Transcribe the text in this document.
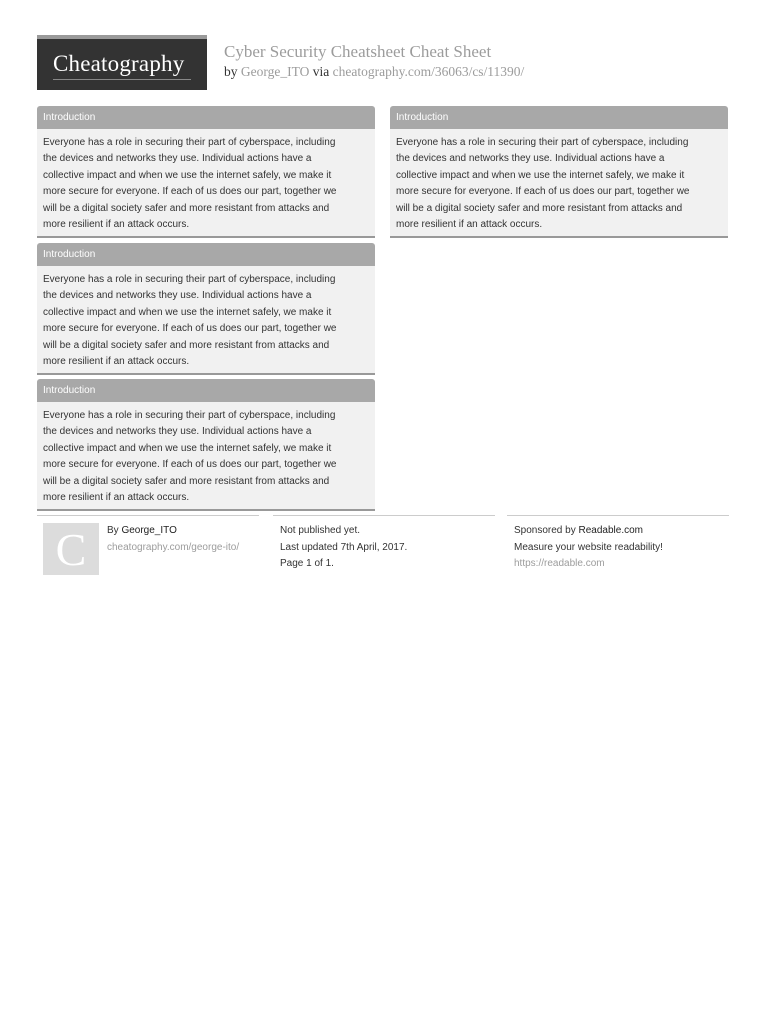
Cheatography Cyber Security Cheatsheet Cheat Sheet
by George_ITO via cheatography.com/36063/cs/11390/
Introduction
Everyone has a role in securing their part of cyberspace, including
the devices and networks they use. Individual actions have a
collective impact and when we use the internet safely, we make it
more secure for everyone. If each of us does our part, together we
will be a digital society safer and more resistant from attacks and
more resilient if an attack occurs.
Introduction
Everyone has a role in securing their part of cyberspace, including
the devices and networks they use. Individual actions have a
collective impact and when we use the internet safely, we make it
more secure for everyone. If each of us does our part, together we
will be a digital society safer and more resistant from attacks and
more resilient if an attack occurs.
Introduction
Everyone has a role in securing their part of cyberspace, including
the devices and networks they use. Individual actions have a
collective impact and when we use the internet safely, we make it
more secure for everyone. If each of us does our part, together we
will be a digital society safer and more resistant from attacks and
more resilient if an attack occurs.
Introduction
Everyone has a role in securing their part of cyberspace, including
the devices and networks they use. Individual actions have a
collective impact and when we use the internet safely, we make it
more secure for everyone. If each of us does our part, together we
will be a digital society safer and more resistant from attacks and
more resilient if an attack occurs.
C	By George_ITO
cheatography.com/george-ito/
Not published yet.
Last updated 7th April, 2017.
Page 1 of 1.
Sponsored by Readable.com
Measure your website readability!
https://readable.com
